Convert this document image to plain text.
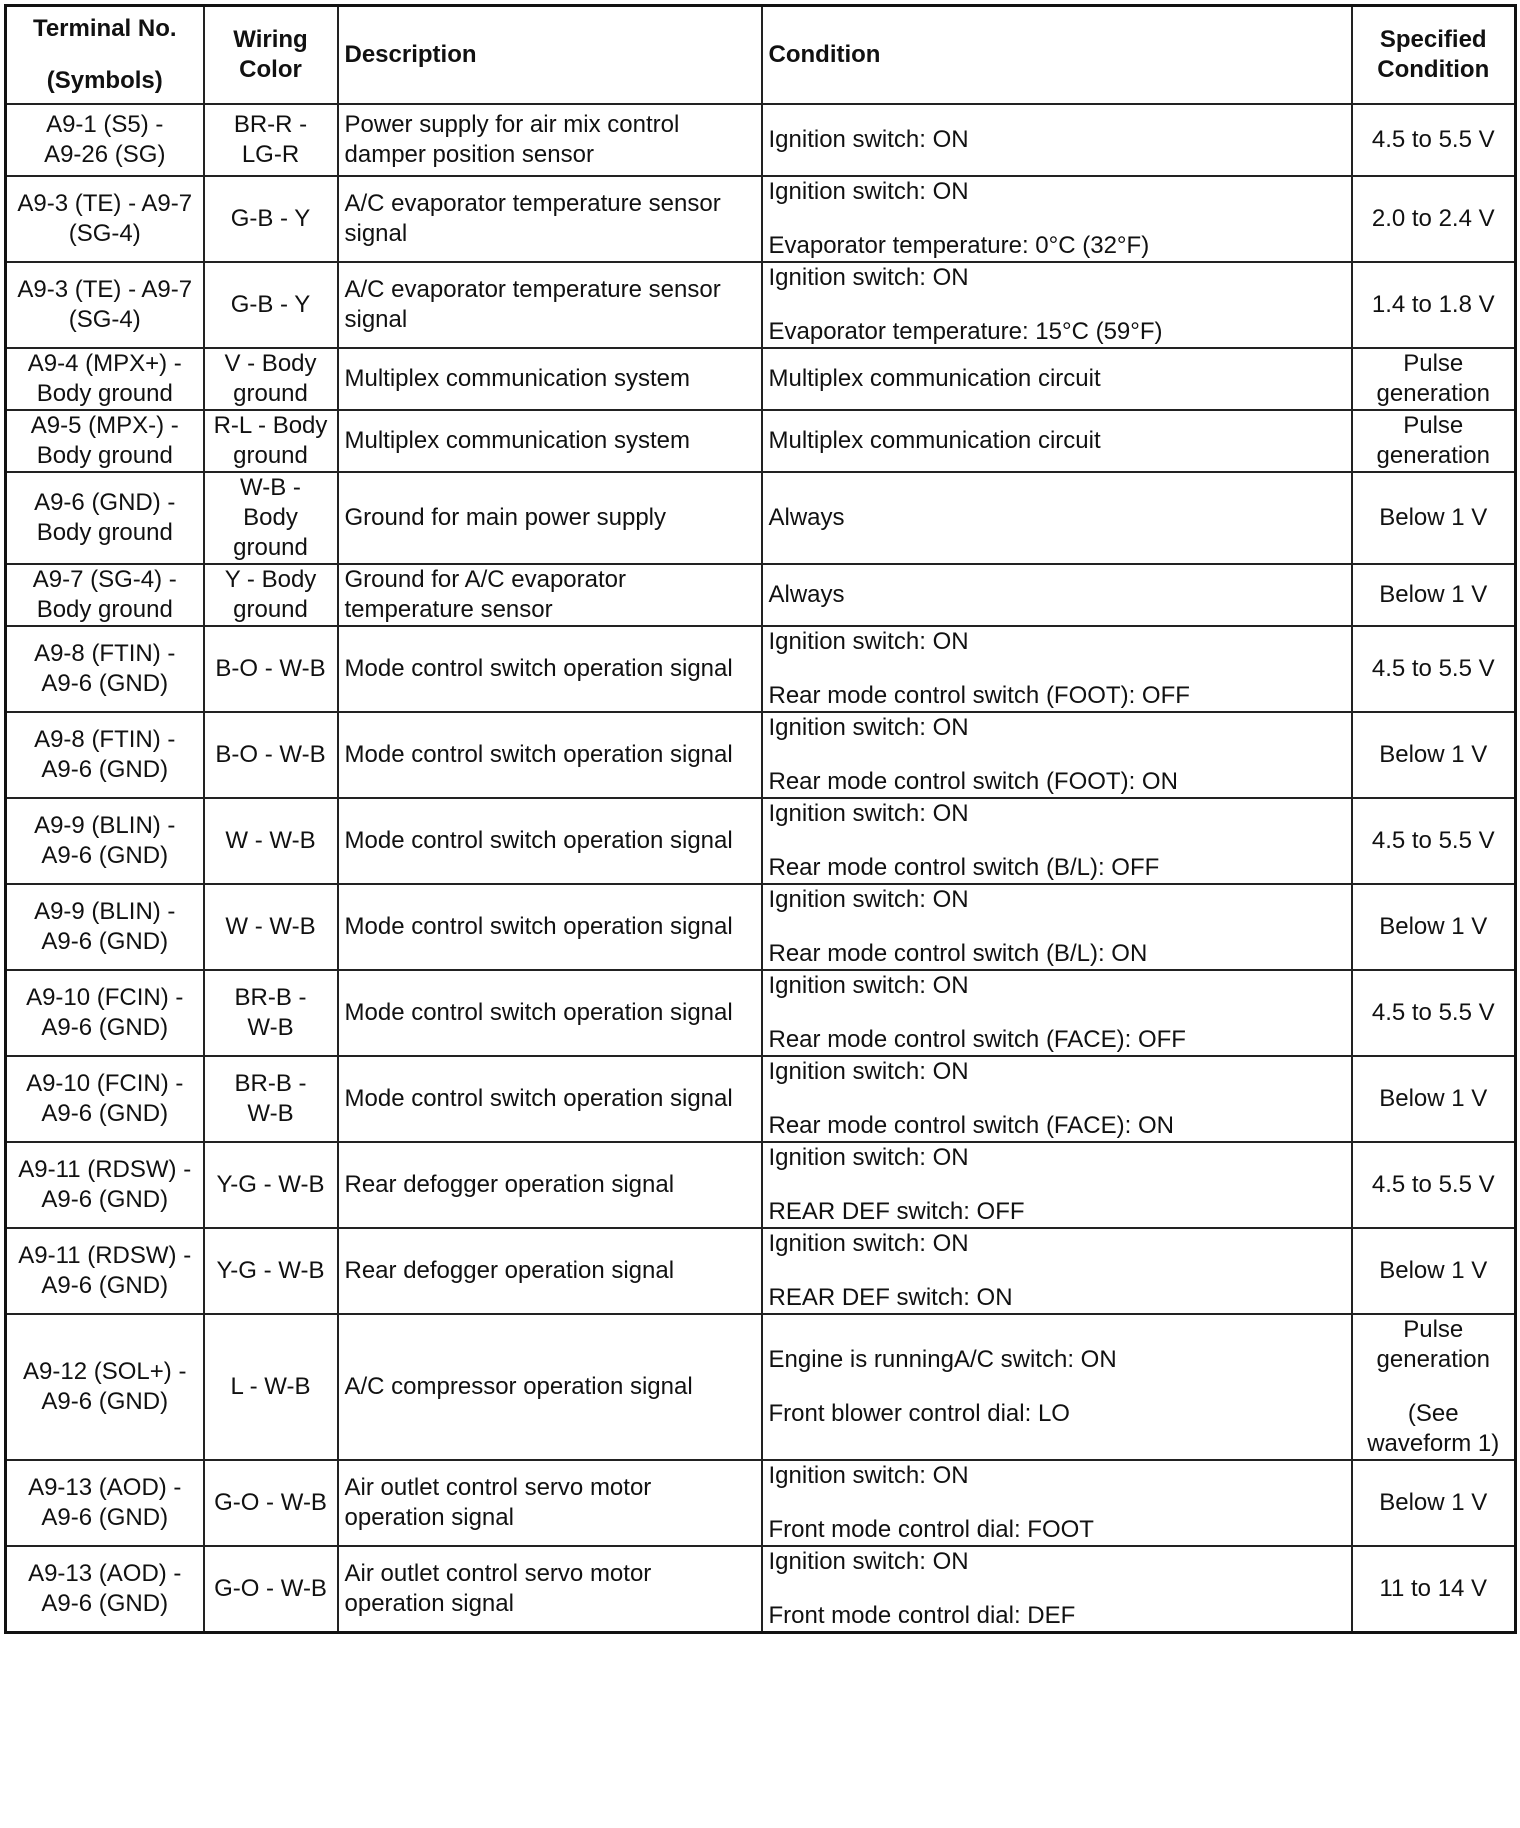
Terminal No.
(Symbols)	Wiring
Color	Description	Condition	Specified
Condition
A9-1 (S5) -
A9-26 (SG)	BR-R -
LG-R	Power supply for air mix control
damper position sensor	Ignition switch: ON	4.5 to 5.5 V

A9-3 (TE) - A9-7
(SG-4)	G-B - Y	A/C evaporator temperature sensor
signal	Ignition switch: ON
Evaporator temperature: 0°C (32°F)	2.0 to 2.4 V

A9-3 (TE) - A9-7
(SG-4)	G-B - Y	A/C evaporator temperature sensor
signal	Ignition switch: ON
Evaporator temperature: 15°C (59°F)	1.4 to 1.8 V

A9-4 (MPX+) -
Body ground	V - Body
ground	Multiplex communication system	Multiplex communication circuit	Pulse
generation

A9-5 (MPX-) -
Body ground	R-L - Body
ground	Multiplex communication system	Multiplex communication circuit	Pulse
generation

A9-6 (GND) -
Body ground	W-B -
Body
ground	Ground for main power supply	Always	Below 1 V

A9-7 (SG-4) -
Body ground	Y - Body
ground	Ground for A/C evaporator
temperature sensor	Always	Below 1 V

A9-8 (FTIN) -
A9-6 (GND)	B-O - W-B	Mode control switch operation signal	Ignition switch: ON
Rear mode control switch (FOOT): OFF	4.5 to 5.5 V

A9-8 (FTIN) -
A9-6 (GND)	B-O - W-B	Mode control switch operation signal	Ignition switch: ON
Rear mode control switch (FOOT): ON	Below 1 V

A9-9 (BLIN) -
A9-6 (GND)	W - W-B	Mode control switch operation signal	Ignition switch: ON
Rear mode control switch (B/L): OFF	4.5 to 5.5 V

A9-9 (BLIN) -
A9-6 (GND)	W - W-B	Mode control switch operation signal	Ignition switch: ON
Rear mode control switch (B/L): ON	Below 1 V

A9-10 (FCIN) -
A9-6 (GND)	BR-B -
W-B	Mode control switch operation signal	Ignition switch: ON
Rear mode control switch (FACE): OFF	4.5 to 5.5 V

A9-10 (FCIN) -
A9-6 (GND)	BR-B -
W-B	Mode control switch operation signal	Ignition switch: ON
Rear mode control switch (FACE): ON	Below 1 V

A9-11 (RDSW) -
A9-6 (GND)	Y-G - W-B	Rear defogger operation signal	Ignition switch: ON
REAR DEF switch: OFF	4.5 to 5.5 V

A9-11 (RDSW) -
A9-6 (GND)	Y-G - W-B	Rear defogger operation signal	Ignition switch: ON
REAR DEF switch: ON	Below 1 V

A9-12 (SOL+) -
A9-6 (GND)	L - W-B	A/C compressor operation signal	Engine is runningA/C switch: ON
Front blower control dial: LO	Pulse
generation
(See
waveform 1)

A9-13 (AOD) -
A9-6 (GND)	G-O - W-B	Air outlet control servo motor
operation signal	Ignition switch: ON
Front mode control dial: FOOT	Below 1 V

A9-13 (AOD) -
A9-6 (GND)	G-O - W-B	Air outlet control servo motor
operation signal	Ignition switch: ON
Front mode control dial: DEF	11 to 14 V
